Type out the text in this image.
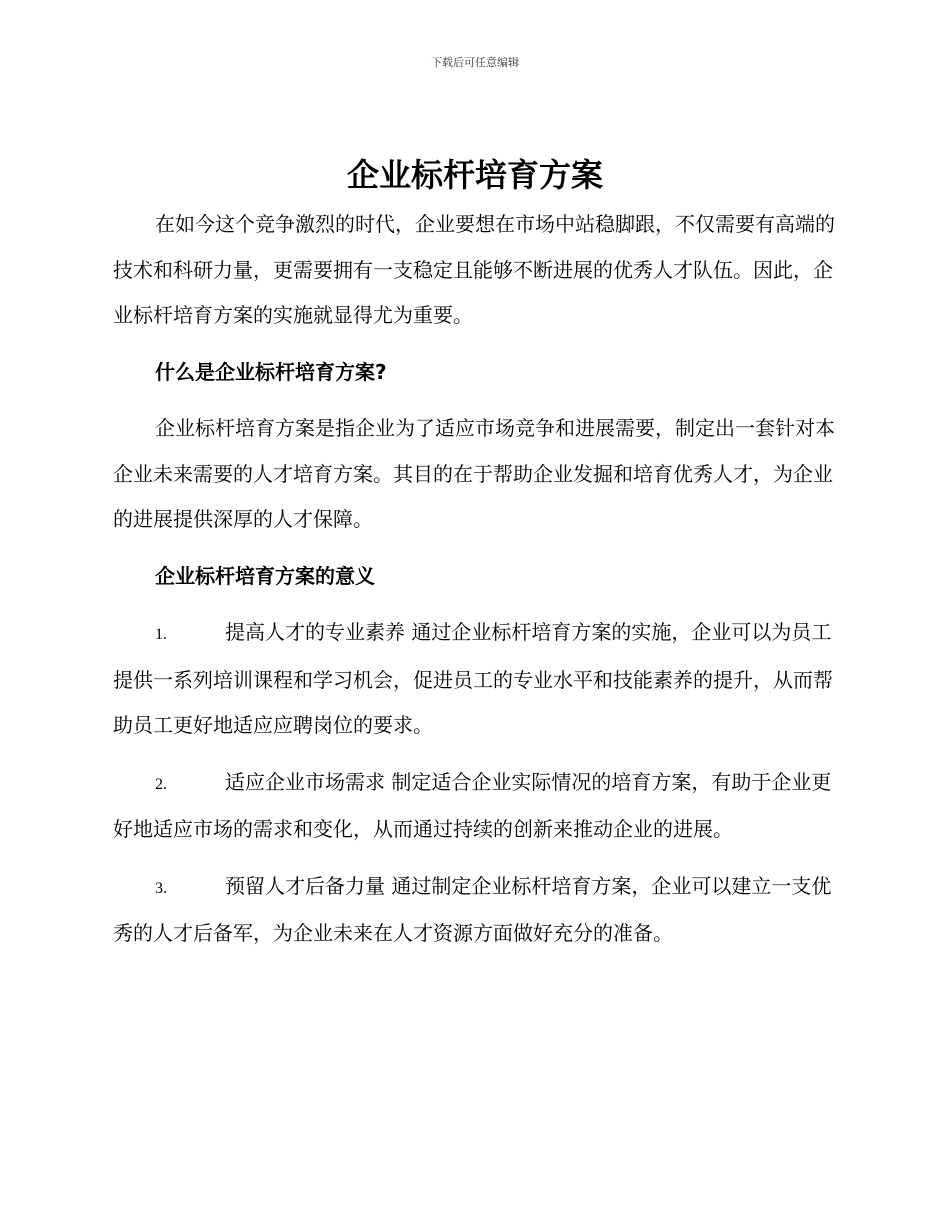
下载后可任意编辑
企业标杆培育方案

在如今这个竞争激烈的时代，企业要想在市场中站稳脚跟，不仅需要有高端的技术和科研力量，更需要拥有一支稳定且能够不断进展的优秀人才队伍。因此，企业标杆培育方案的实施就显得尤为重要。

什么是企业标杆培育方案?

企业标杆培育方案是指企业为了适应市场竞争和进展需要，制定出一套针对本企业未来需要的人才培育方案。其目的在于帮助企业发掘和培育优秀人才，为企业的进展提供深厚的人才保障。

企业标杆培育方案的意义

1.	提高人才的专业素养 通过企业标杆培育方案的实施，企业可以为员工提供一系列培训课程和学习机会，促进员工的专业水平和技能素养的提升，从而帮助员工更好地适应应聘岗位的要求。

2.	适应企业市场需求 制定适合企业实际情况的培育方案，有助于企业更好地适应市场的需求和变化，从而通过持续的创新来推动企业的进展。

3.	预留人才后备力量 通过制定企业标杆培育方案，企业可以建立一支优秀的人才后备军，为企业未来在人才资源方面做好充分的准备。
